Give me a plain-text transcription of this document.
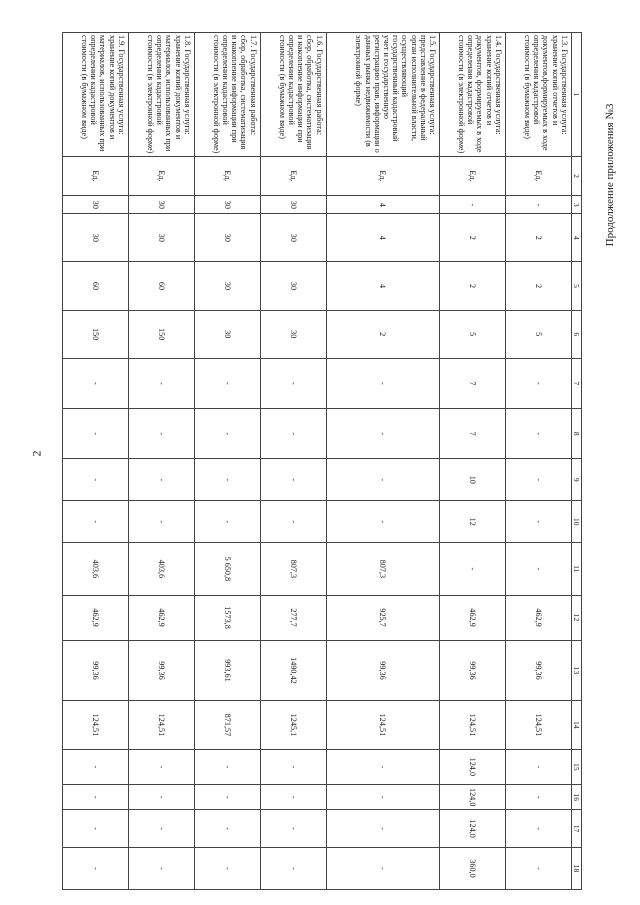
2
Продолжение приложения №3
1	2	3	4	5	6	7	8	9	10	11	12	13	14	15	16	17	18
1.3. Государственная услуга: хранение копий отчетов и документов,формируемых в ходе определения кадастровой стоимости (в бумажном виде)	Ед.	-	2	2	5	-	-	-	-	-	462,9	99,36	124,51	-	-	-	-
1.4. Государственная услуга: хранение копий отчетов и документов, формируемых в ходе определения кадастровой стоимости (в электронной форме)	Ед.	-	2	2	5	7	7	10	12	-	462,9	99,36	124,51	124,0	124,0	124,0	360,0
1.5. Государственная услуга: представление в федеральный орган исполнительной власти, осуществляющий государственный кадастровый учет и государственную регистрацию прав, информации о данных рынка недвижимости (в электронной форме)	Ед.	4	4	4	2	-	-	-	-	807,3	925,7	99,36	124,51	-	-	-	-
1.6. Государственная работа: сбор, обработка, систематизация и накопление информации при определении кадастровой стоимости (в бумажном виде)	Ед.	30	30	30	30	-	-	-	-	807,3	277,7	1490,42	1245,1	-	-	-	-
1.7. Государственная работа: сбор, обработка, систематизация и накопление информации при определении кадастровой стоимости (в электронной форме)	Ед.	30	30	30	30	-	-	-	-	5 650,8	1573,8	993,61	871,57	-	-	-	-
1.8. Государственная услуга: хранение копий документов и материалов, использованных при определении кадастровой стоимости (в электронной форме)	Ед.	30	30	60	150	-	-	-	-	403,6	462,9	99,36	124,51	-	-	-	-
1.9. Государственная услуга: хранение копий документов и материалов, использованных при определении кадастровой стоимости (в бумажном виде)	Ед.	30	30	60	150	-	-	-	-	403,6	462,9	99,36	124,51	-	-	-	-
